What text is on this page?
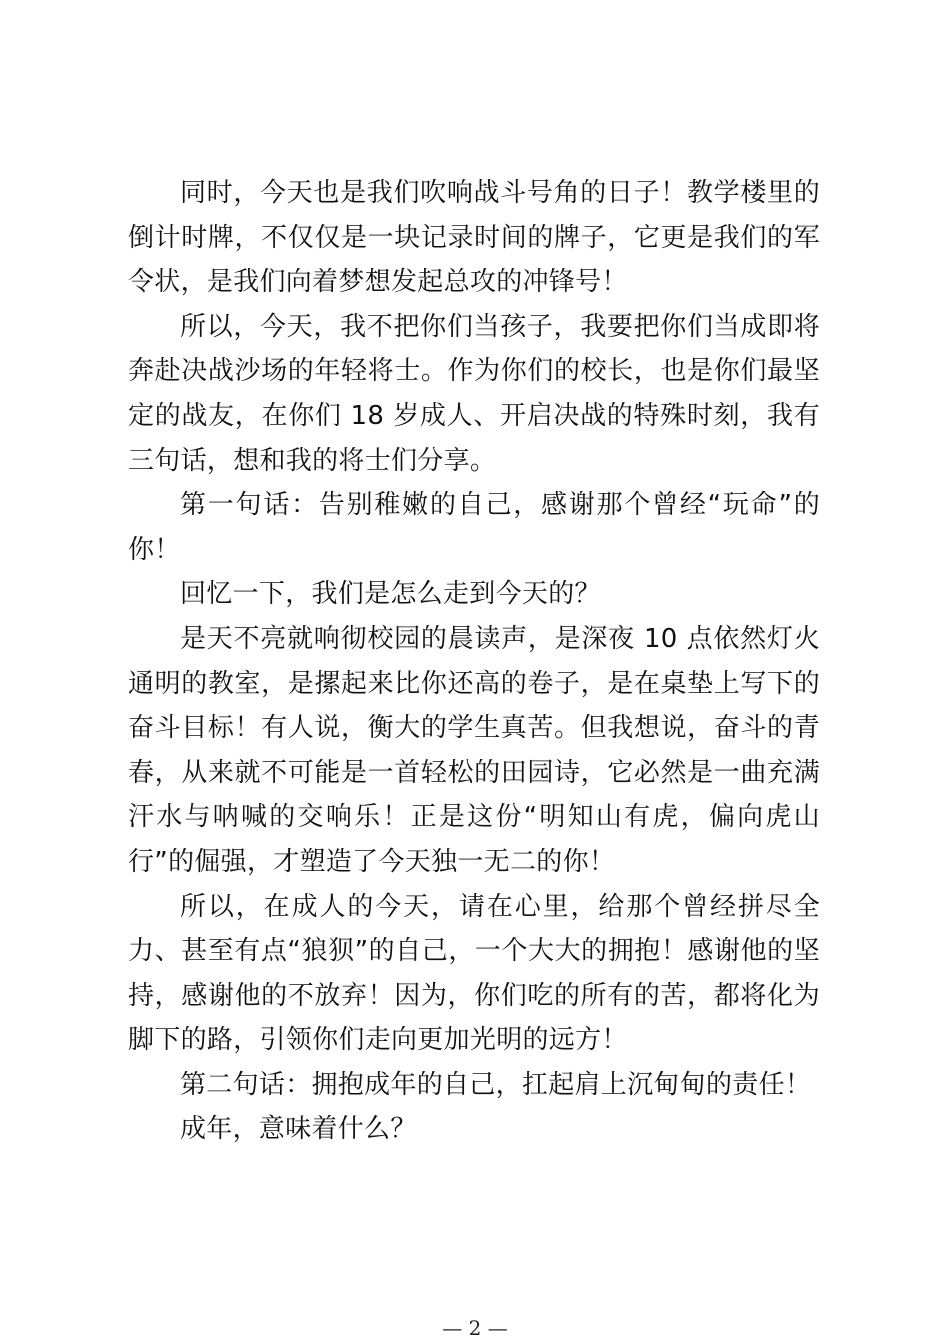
同时，今天也是我们吹响战斗号角的日子！教学楼里的倒计时牌，不仅仅是一块记录时间的牌子，它更是我们的军令状，是我们向着梦想发起总攻的冲锋号！

所以，今天，我不把你们当孩子，我要把你们当成即将奔赴决战沙场的年轻将士。作为你们的校长，也是你们最坚定的战友，在你们 18 岁成人、开启决战的特殊时刻，我有三句话，想和我的将士们分享。

第一句话：告别稚嫩的自己，感谢那个曾经“玩命”的你！

回忆一下，我们是怎么走到今天的？

是天不亮就响彻校园的晨读声，是深夜 10 点依然灯火通明的教室，是摞起来比你还高的卷子，是在桌垫上写下的奋斗目标！有人说，衡大的学生真苦。但我想说，奋斗的青春，从来就不可能是一首轻松的田园诗，它必然是一曲充满汗水与呐喊的交响乐！正是这份“明知山有虎，偏向虎山行”的倔强，才塑造了今天独一无二的你！

所以，在成人的今天，请在心里，给那个曾经拼尽全力、甚至有点“狼狈”的自己，一个大大的拥抱！感谢他的坚持，感谢他的不放弃！因为，你们吃的所有的苦，都将化为脚下的路，引领你们走向更加光明的远方！

第二句话：拥抱成年的自己，扛起肩上沉甸甸的责任！

成年，意味着什么？

— 2 —
